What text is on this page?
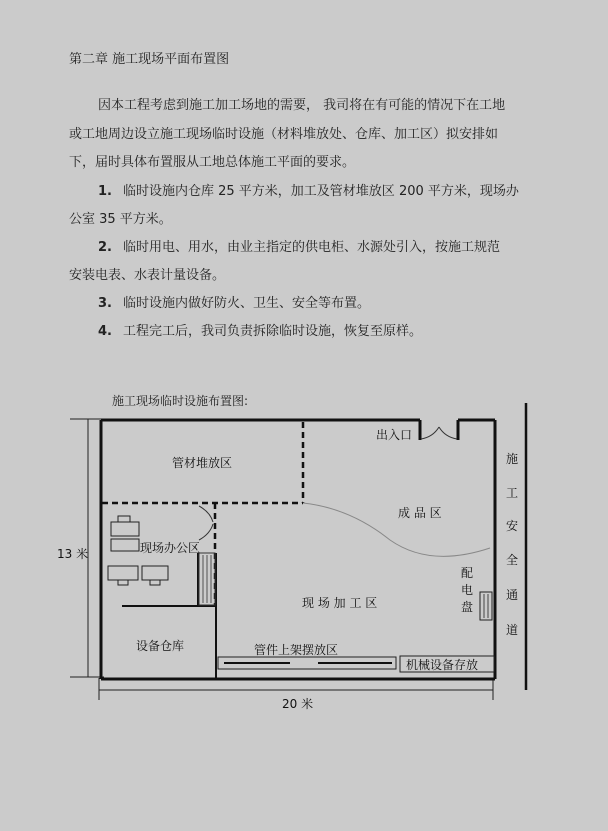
第二章 施工现场平面布置图
因本工程考虑到施工加工场地的需要， 我司将在有可能的情况下在工地
或工地周边设立施工现场临时设施（材料堆放处、仓库、加工区）拟安排如
下，届时具体布置服从工地总体施工平面的要求。
1. 临时设施内仓库 25 平方米，加工及管材堆放区 200 平方米，现场办
公室 35 平方米。
2. 临时用电、用水，由业主指定的供电柜、水源处引入，按施工规范
安装电表、水表计量设备。
3. 临时设施内做好防火、卫生、安全等布置。
4. 工程完工后，我司负责拆除临时设施，恢复至原样。
施工现场临时设施布置图:
出入口
管材堆放区
成 品 区
现场办公区
现 场 加 工 区
设备仓库	管件上架摆放区
机械设备存放
配
电
盘
施
工
安
全
通
道
13 米
20 米
